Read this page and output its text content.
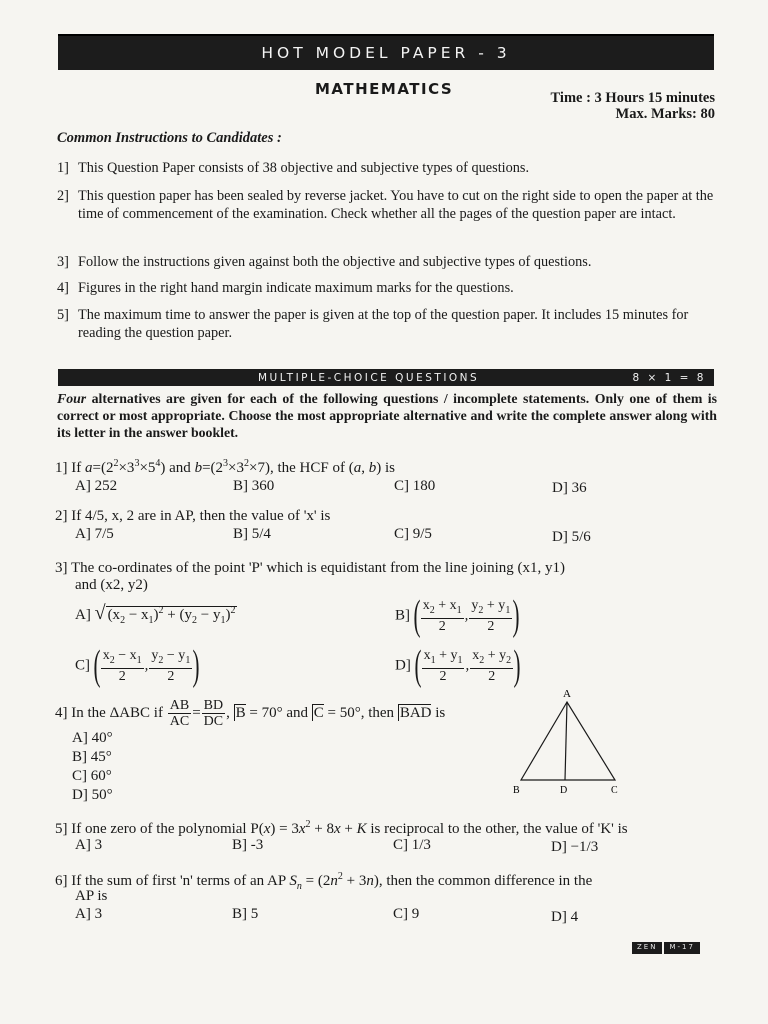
HOT MODEL PAPER - 3
MATHEMATICS	Time : 3 Hours 15 minutes
Max. Marks: 80
Common Instructions to Candidates :
1] This Question Paper consists of 38 objective and subjective types of questions.
2] This question paper has been sealed by reverse jacket. You have to cut on the right side to open the paper at the time of commencement of the examination. Check whether all the pages of the question paper are intact.
3] Follow the instructions given against both the objective and subjective types of questions.
4] Figures in the right hand margin indicate maximum marks for the questions.
5] The maximum time to answer the paper is given at the top of the question paper. It includes 15 minutes for reading the question paper.
MULTIPLE-CHOICE QUESTIONS	8 × 1 = 8
Four alternatives are given for each of the following questions / incomplete statements. Only one of them is correct or most appropriate. Choose the most appropriate alternative and write the complete answer along with its letter in the answer booklet.
1] If $a=(2^2\times 3^3\times 5^4)$ and $b=(2^3\times 3^2\times 7)$, the HCF of (a, b) is
A] 252	B] 360	C] 180	D] 36
2] If 4/5, x, 2 are in AP, then the value of 'x' is
A] 7/5	B] 5/4	C] 9/5	D] 5/6
3] The co-ordinates of the point 'P' which is equidistant from the line joining (x1, y1)
and (x2, y2)
A] √ $(x_2 - x_1)^2 + (y_2 - y_1)^2$	B] ( $\frac{x_2 + x_1}{2}$ , $\frac{y_2 + y_1}{2}$ )
C] ( $\frac{x_2 - x_1}{2}$ , $\frac{y_2 - y_1}{2}$ )	D] ( $\frac{x_1 + y_1}{2}$ , $\frac{x_2 + y_2}{2}$ )
4] In the ΔABC if $\frac{AB}{AC} = \frac{BD}{DC}$ , B = 70° and C = 50°, then BAD is
A] 40°
B] 45°
C] 60°
D] 50°
A
B	D	C
5] If one zero of the polynomial $P(x) = 3x^2 + 8x + K$ is reciprocal to the other, the value of 'K' is
A] 3	B] -3	C] 1/3	D] −1/3
6] If the sum of first 'n' terms of an AP $S_n = (2n^2 + 3n)$, then the common difference in the
AP is
A] 3	B] 5	C] 9	D] 4
ZEN	M-17
